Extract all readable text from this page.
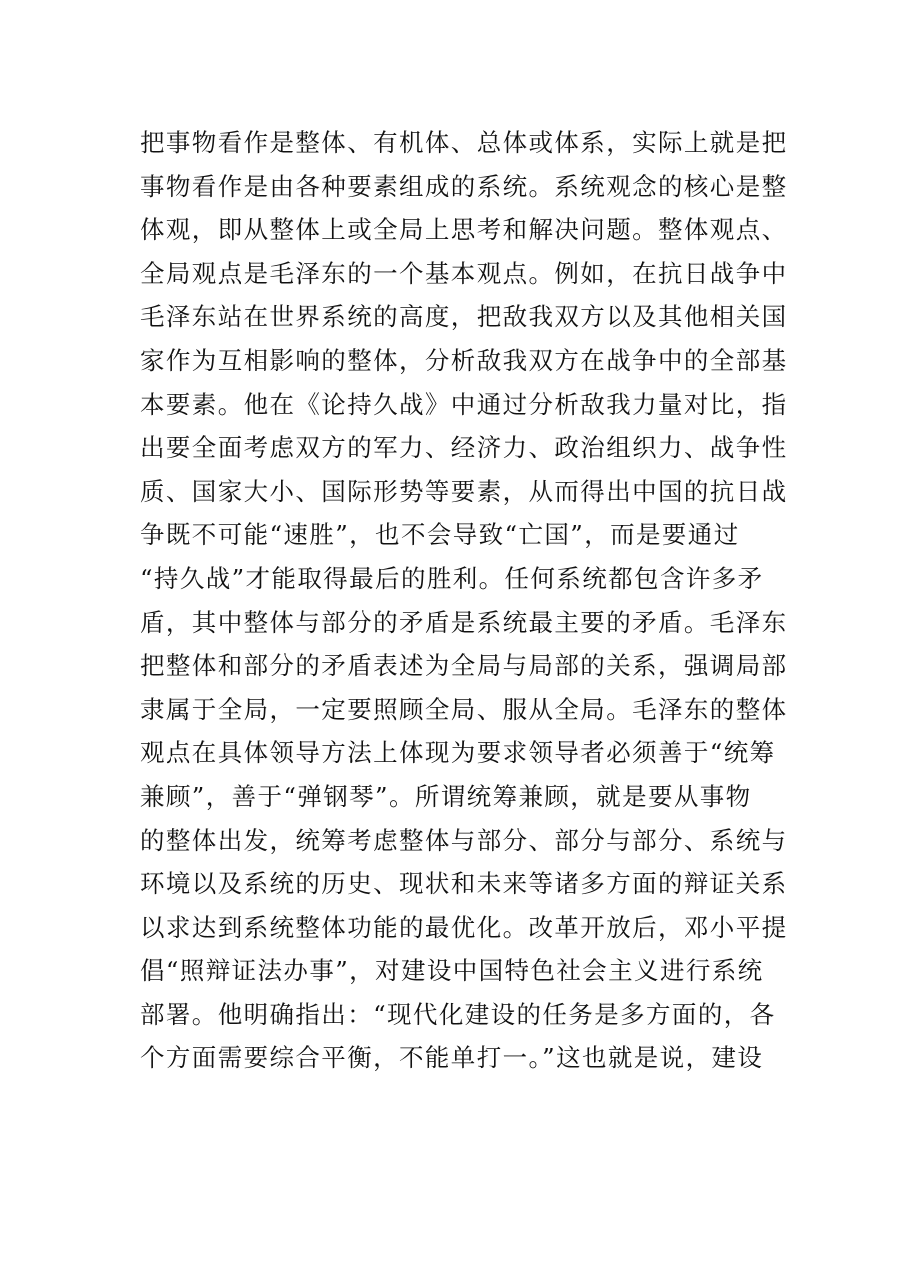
把事物看作是整体、有机体、总体或体系，实际上就是把
事物看作是由各种要素组成的系统。系统观念的核心是整
体观，即从整体上或全局上思考和解决问题。整体观点、
全局观点是毛泽东的一个基本观点。例如，在抗日战争中
毛泽东站在世界系统的高度，把敌我双方以及其他相关国
家作为互相影响的整体，分析敌我双方在战争中的全部基
本要素。他在《论持久战》中通过分析敌我力量对比，指
出要全面考虑双方的军力、经济力、政治组织力、战争性
质、国家大小、国际形势等要素，从而得出中国的抗日战
争既不可能“速胜”，也不会导致“亡国”，而是要通过
“持久战”才能取得最后的胜利。任何系统都包含许多矛
盾，其中整体与部分的矛盾是系统最主要的矛盾。毛泽东
把整体和部分的矛盾表述为全局与局部的关系，强调局部
隶属于全局，一定要照顾全局、服从全局。毛泽东的整体
观点在具体领导方法上体现为要求领导者必须善于“统筹
兼顾”，善于“弹钢琴”。所谓统筹兼顾，就是要从事物
的整体出发，统筹考虑整体与部分、部分与部分、系统与
环境以及系统的历史、现状和未来等诸多方面的辩证关系
以求达到系统整体功能的最优化。改革开放后，邓小平提
倡“照辩证法办事”，对建设中国特色社会主义进行系统
部署。他明确指出：“现代化建设的任务是多方面的，各
个方面需要综合平衡，不能单打一。”这也就是说，建设
